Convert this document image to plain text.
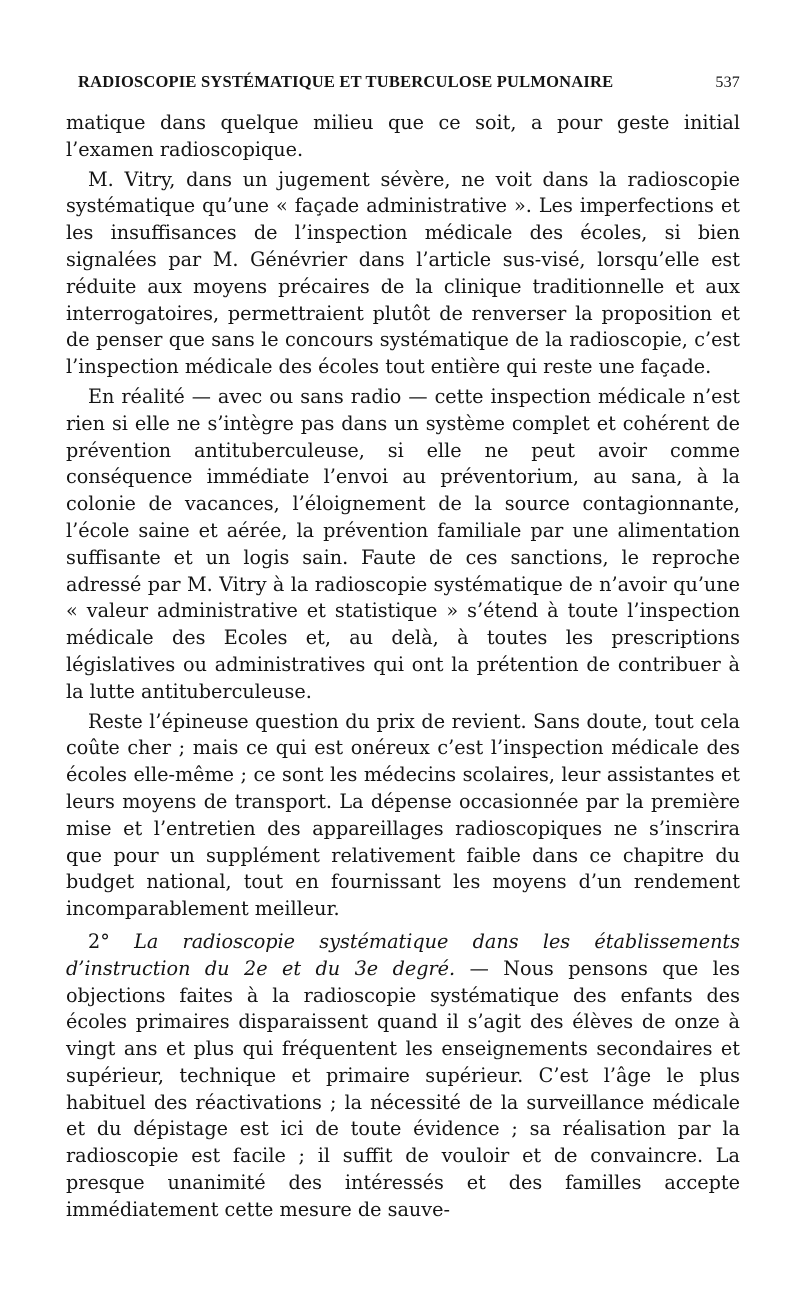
RADIOSCOPIE SYSTÉMATIQUE ET TUBERCULOSE PULMONAIRE	537

matique dans quelque milieu que ce soit, a pour geste initial l’examen radioscopique.

M. Vitry, dans un jugement sévère, ne voit dans la radioscopie systématique qu’une « façade administrative ». Les imperfections et les insuffisances de l’inspection médicale des écoles, si bien signalées par M. Génévrier dans l’article sus-visé, lorsqu’elle est réduite aux moyens précaires de la clinique traditionnelle et aux interrogatoires, permettraient plutôt de renverser la proposition et de penser que sans le concours systématique de la radioscopie, c’est l’inspection médicale des écoles tout entière qui reste une façade.

En réalité — avec ou sans radio — cette inspection médicale n’est rien si elle ne s’intègre pas dans un système complet et cohérent de prévention antituberculeuse, si elle ne peut avoir comme conséquence immédiate l’envoi au préventorium, au sana, à la colonie de vacances, l’éloignement de la source contagionnante, l’école saine et aérée, la prévention familiale par une alimentation suffisante et un logis sain. Faute de ces sanctions, le reproche adressé par M. Vitry à la radioscopie systématique de n’avoir qu’une « valeur administrative et statistique » s’étend à toute l’inspection médicale des Ecoles et, au delà, à toutes les prescriptions législatives ou administratives qui ont la prétention de contribuer à la lutte antituberculeuse.

Reste l’épineuse question du prix de revient. Sans doute, tout cela coûte cher ; mais ce qui est onéreux c’est l’inspection médicale des écoles elle-même ; ce sont les médecins scolaires, leur assistantes et leurs moyens de transport. La dépense occasionnée par la première mise et l’entretien des appareillages radioscopiques ne s’inscrira que pour un supplément relativement faible dans ce chapitre du budget national, tout en fournissant les moyens d’un rendement incomparablement meilleur.

2° La radioscopie systématique dans les établissements d’instruction du 2e et du 3e degré. — Nous pensons que les objections faites à la radioscopie systématique des enfants des écoles primaires disparaissent quand il s’agit des élèves de onze à vingt ans et plus qui fréquentent les enseignements secondaires et supérieur, technique et primaire supérieur. C’est l’âge le plus habituel des réactivations ; la nécessité de la surveillance médicale et du dépistage est ici de toute évidence ; sa réalisation par la radioscopie est facile ; il suffit de vouloir et de convaincre. La presque unanimité des intéressés et des familles accepte immédiatement cette mesure de sauve-
